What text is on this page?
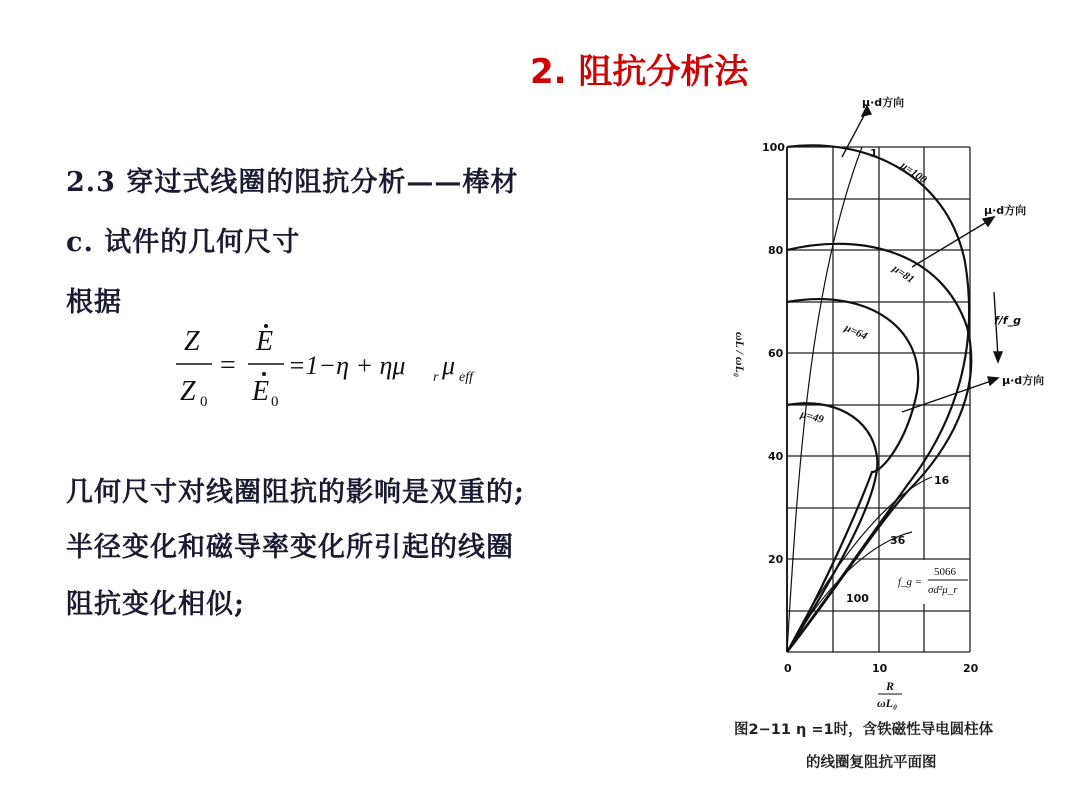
2. 阻抗分析法
2.3 穿过式线圈的阻抗分析——棒材
c. 试件的几何尺寸
根据
Z
Z 0
=
E
E 0
=1−η + ημ r μ eff
几何尺寸对线圈阻抗的影响是双重的;
半径变化和磁导率变化所引起的线圈
阻抗变化相似;
100
80
60
40
20
0	10	20
ωL / ωL₀
R
ωL₀
μ·d方向
μ·d方向
μ·d方向
f/f_g
1
16
36
100
μ=100
μ=81
μ=64
μ=49
f_g =
5066
σd²μ_r
图2−11 η =1时，含铁磁性导电圆柱体
的线圈复阻抗平面图
